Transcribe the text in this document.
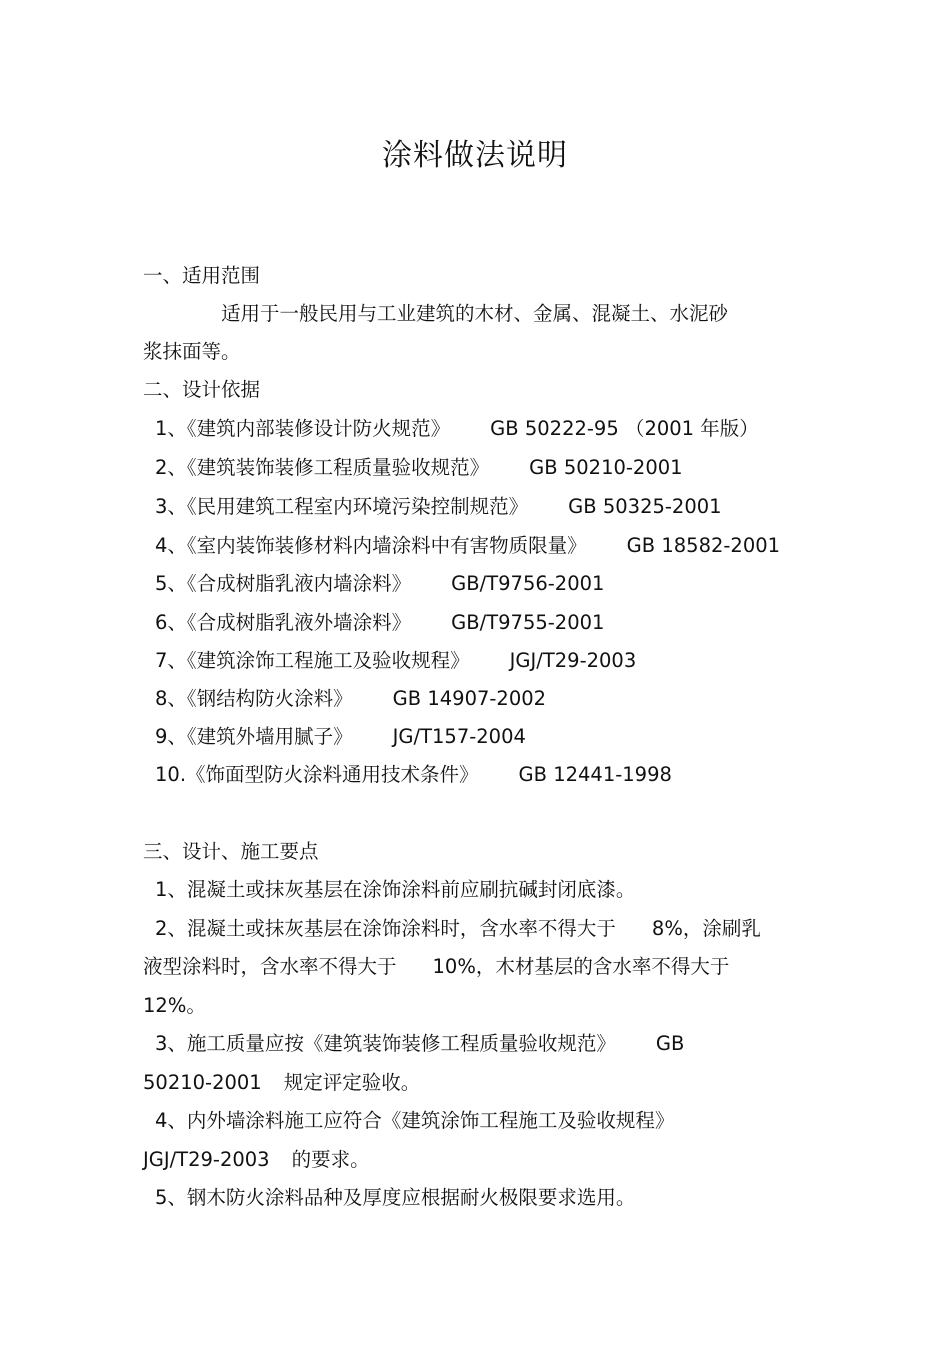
涂料做法说明
一、适用范围
适用于一般民用与工业建筑的木材、金属、混凝土、水泥砂
浆抹面等。
二、设计依据
1、《建筑内部装修设计防火规范》 GB 50222-95 （2001 年版）
2、《建筑装饰装修工程质量验收规范》 GB 50210-2001
3、《民用建筑工程室内环境污染控制规范》 GB 50325-2001
4、《室内装饰装修材料内墙涂料中有害物质限量》 GB 18582-2001
5、《合成树脂乳液内墙涂料》 GB/T9756-2001
6、《合成树脂乳液外墙涂料》 GB/T9755-2001
7、《建筑涂饰工程施工及验收规程》 JGJ/T29-2003
8、《钢结构防火涂料》 GB 14907-2002
9、《建筑外墙用腻子》 JG/T157-2004
10.《饰面型防火涂料通用技术条件》 GB 12441-1998
三、设计、施工要点
1、混凝土或抹灰基层在涂饰涂料前应刷抗碱封闭底漆。
2、混凝土或抹灰基层在涂饰涂料时，含水率不得大于 8%，涂刷乳
液型涂料时，含水率不得大于 10%，木材基层的含水率不得大于
12%。
3、施工质量应按《建筑装饰装修工程质量验收规范》 GB
50210-2001 规定评定验收。
4、内外墙涂料施工应符合《建筑涂饰工程施工及验收规程》
JGJ/T29-2003 的要求。
5、钢木防火涂料品种及厚度应根据耐火极限要求选用。
